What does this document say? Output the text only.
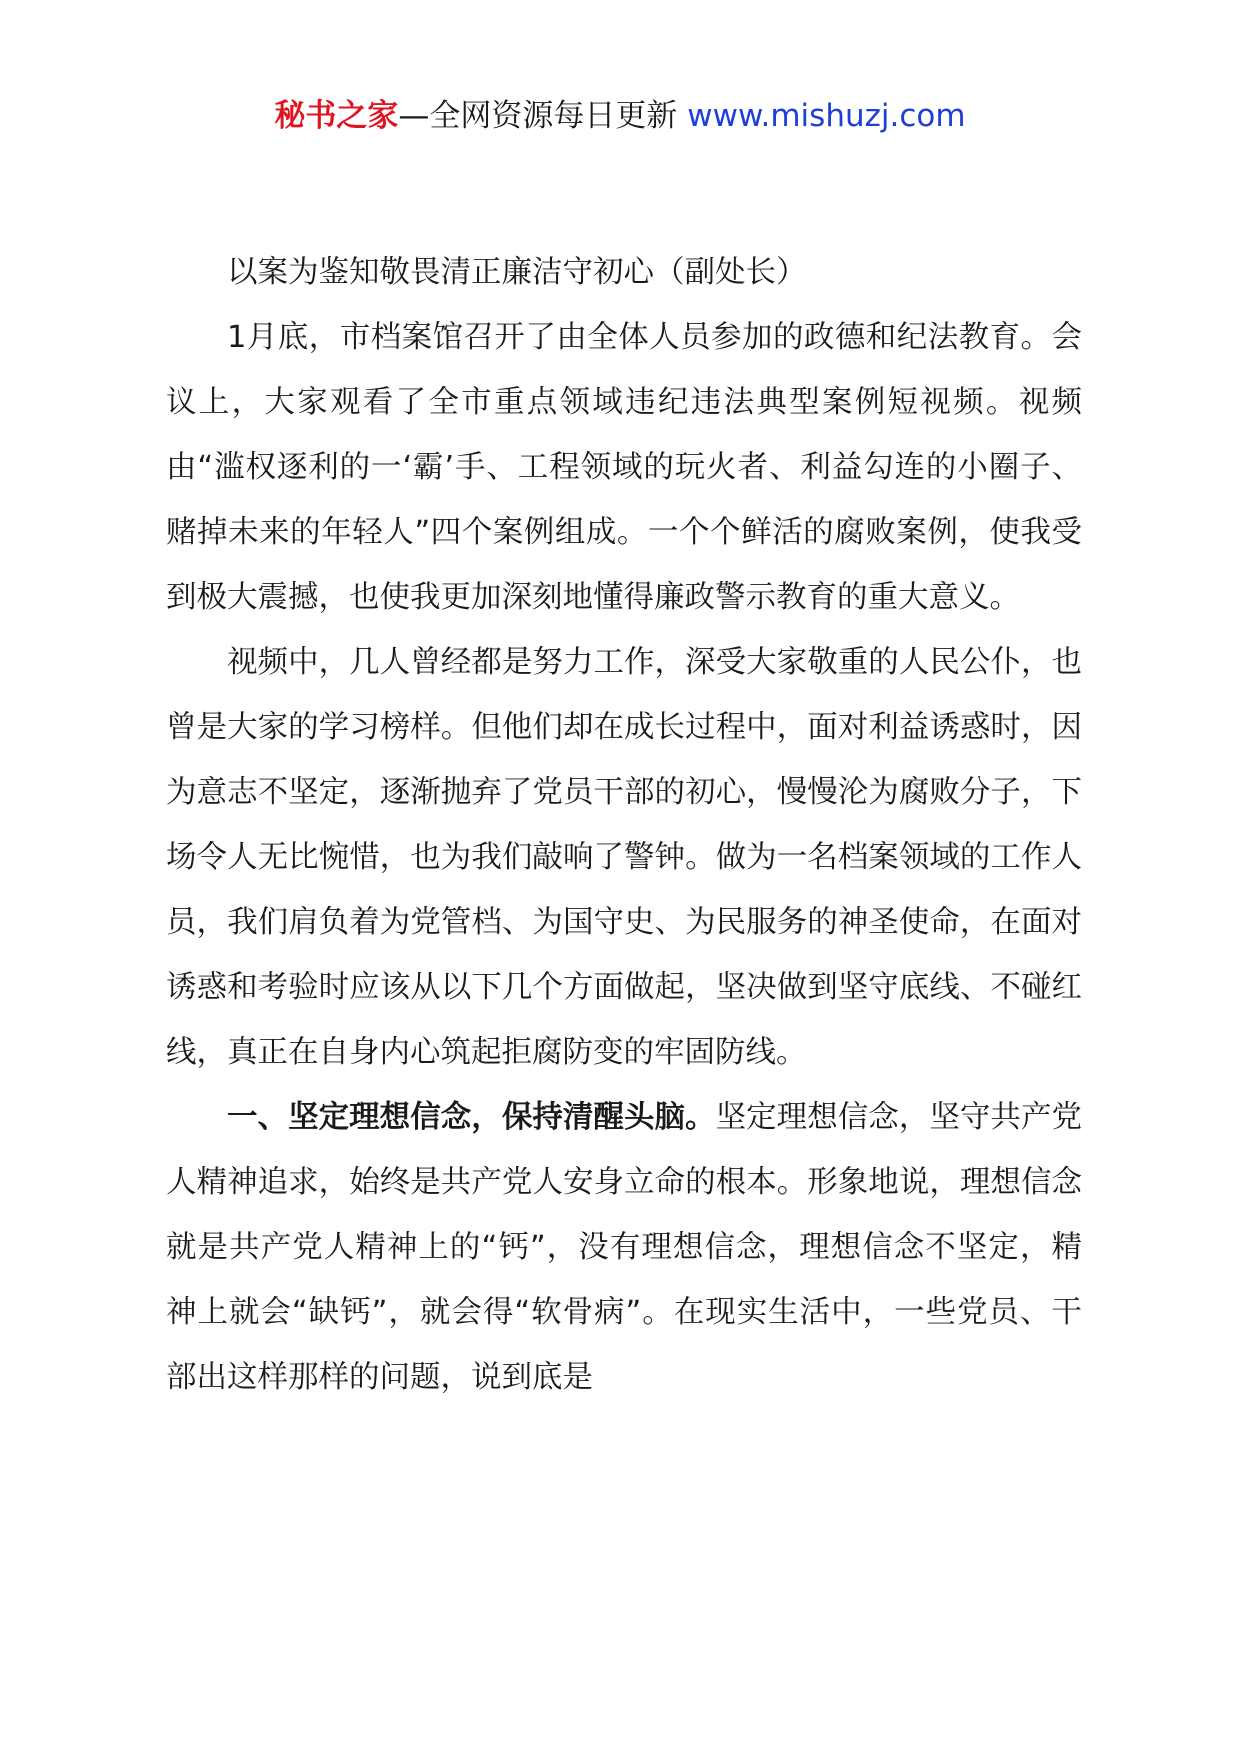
秘书之家—全网资源每日更新 www.mishuzj.com

以案为鉴知敬畏清正廉洁守初心（副处长）

1月底，市档案馆召开了由全体人员参加的政德和纪法教育。会议上，大家观看了全市重点领域违纪违法典型案例短视频。视频由“滥权逐利的一‘霸’手、工程领域的玩火者、利益勾连的小圈子、赌掉未来的年轻人”四个案例组成。一个个鲜活的腐败案例，使我受到极大震撼，也使我更加深刻地懂得廉政警示教育的重大意义。

视频中，几人曾经都是努力工作，深受大家敬重的人民公仆，也曾是大家的学习榜样。但他们却在成长过程中，面对利益诱惑时，因为意志不坚定，逐渐抛弃了党员干部的初心，慢慢沦为腐败分子，下场令人无比惋惜，也为我们敲响了警钟。做为一名档案领域的工作人员，我们肩负着为党管档、为国守史、为民服务的神圣使命，在面对诱惑和考验时应该从以下几个方面做起，坚决做到坚守底线、不碰红线，真正在自身内心筑起拒腐防变的牢固防线。

一、坚定理想信念，保持清醒头脑。坚定理想信念，坚守共产党人精神追求，始终是共产党人安身立命的根本。形象地说，理想信念就是共产党人精神上的“钙”，没有理想信念，理想信念不坚定，精神上就会“缺钙”，就会得“软骨病”。在现实生活中，一些党员、干部出这样那样的问题，说到底是
